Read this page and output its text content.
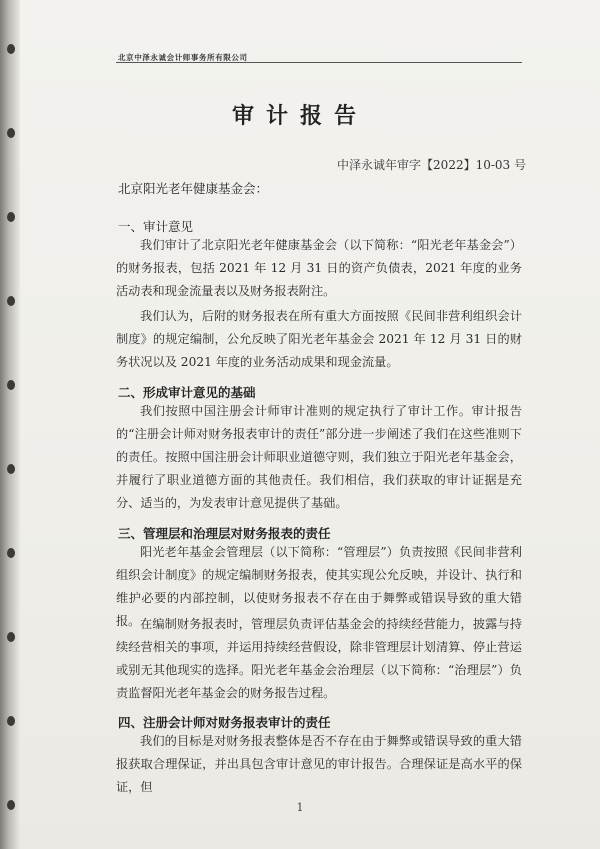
北京中泽永诚会计师事务所有限公司
审计报告
中泽永诚年审字【2022】10-03 号
北京阳光老年健康基金会：
一、审计意见
我们审计了北京阳光老年健康基金会（以下简称：“阳光老年基金会”）的财务报表，包括 2021 年 12 月 31 日的资产负债表，2021 年度的业务活动表和现金流量表以及财务报表附注。
我们认为，后附的财务报表在所有重大方面按照《民间非营利组织会计制度》的规定编制，公允反映了阳光老年基金会 2021 年 12 月 31 日的财务状况以及 2021 年度的业务活动成果和现金流量。
二、形成审计意见的基础
我们按照中国注册会计师审计准则的规定执行了审计工作。审计报告的“注册会计师对财务报表审计的责任”部分进一步阐述了我们在这些准则下的责任。按照中国注册会计师职业道德守则，我们独立于阳光老年基金会，并履行了职业道德方面的其他责任。我们相信，我们获取的审计证据是充分、适当的，为发表审计意见提供了基础。
三、管理层和治理层对财务报表的责任
阳光老年基金会管理层（以下简称：“管理层”）负责按照《民间非营利组织会计制度》的规定编制财务报表，使其实现公允反映，并设计、执行和维护必要的内部控制，以使财务报表不存在由于舞弊或错误导致的重大错报。 在编制财务报表时，管理层负责评估基金会的持续经营能力，披露与持续经营相关的事项，并运用持续经营假设，除非管理层计划清算、停止营运或别无其他现实的选择。阳光老年基金会治理层（以下简称：“治理层”）负责监督阳光老年基金会的财务报告过程。
四、注册会计师对财务报表审计的责任
我们的目标是对财务报表整体是否不存在由于舞弊或错误导致的重大错报获取合理保证，并出具包含审计意见的审计报告。合理保证是高水平的保证，但
1
